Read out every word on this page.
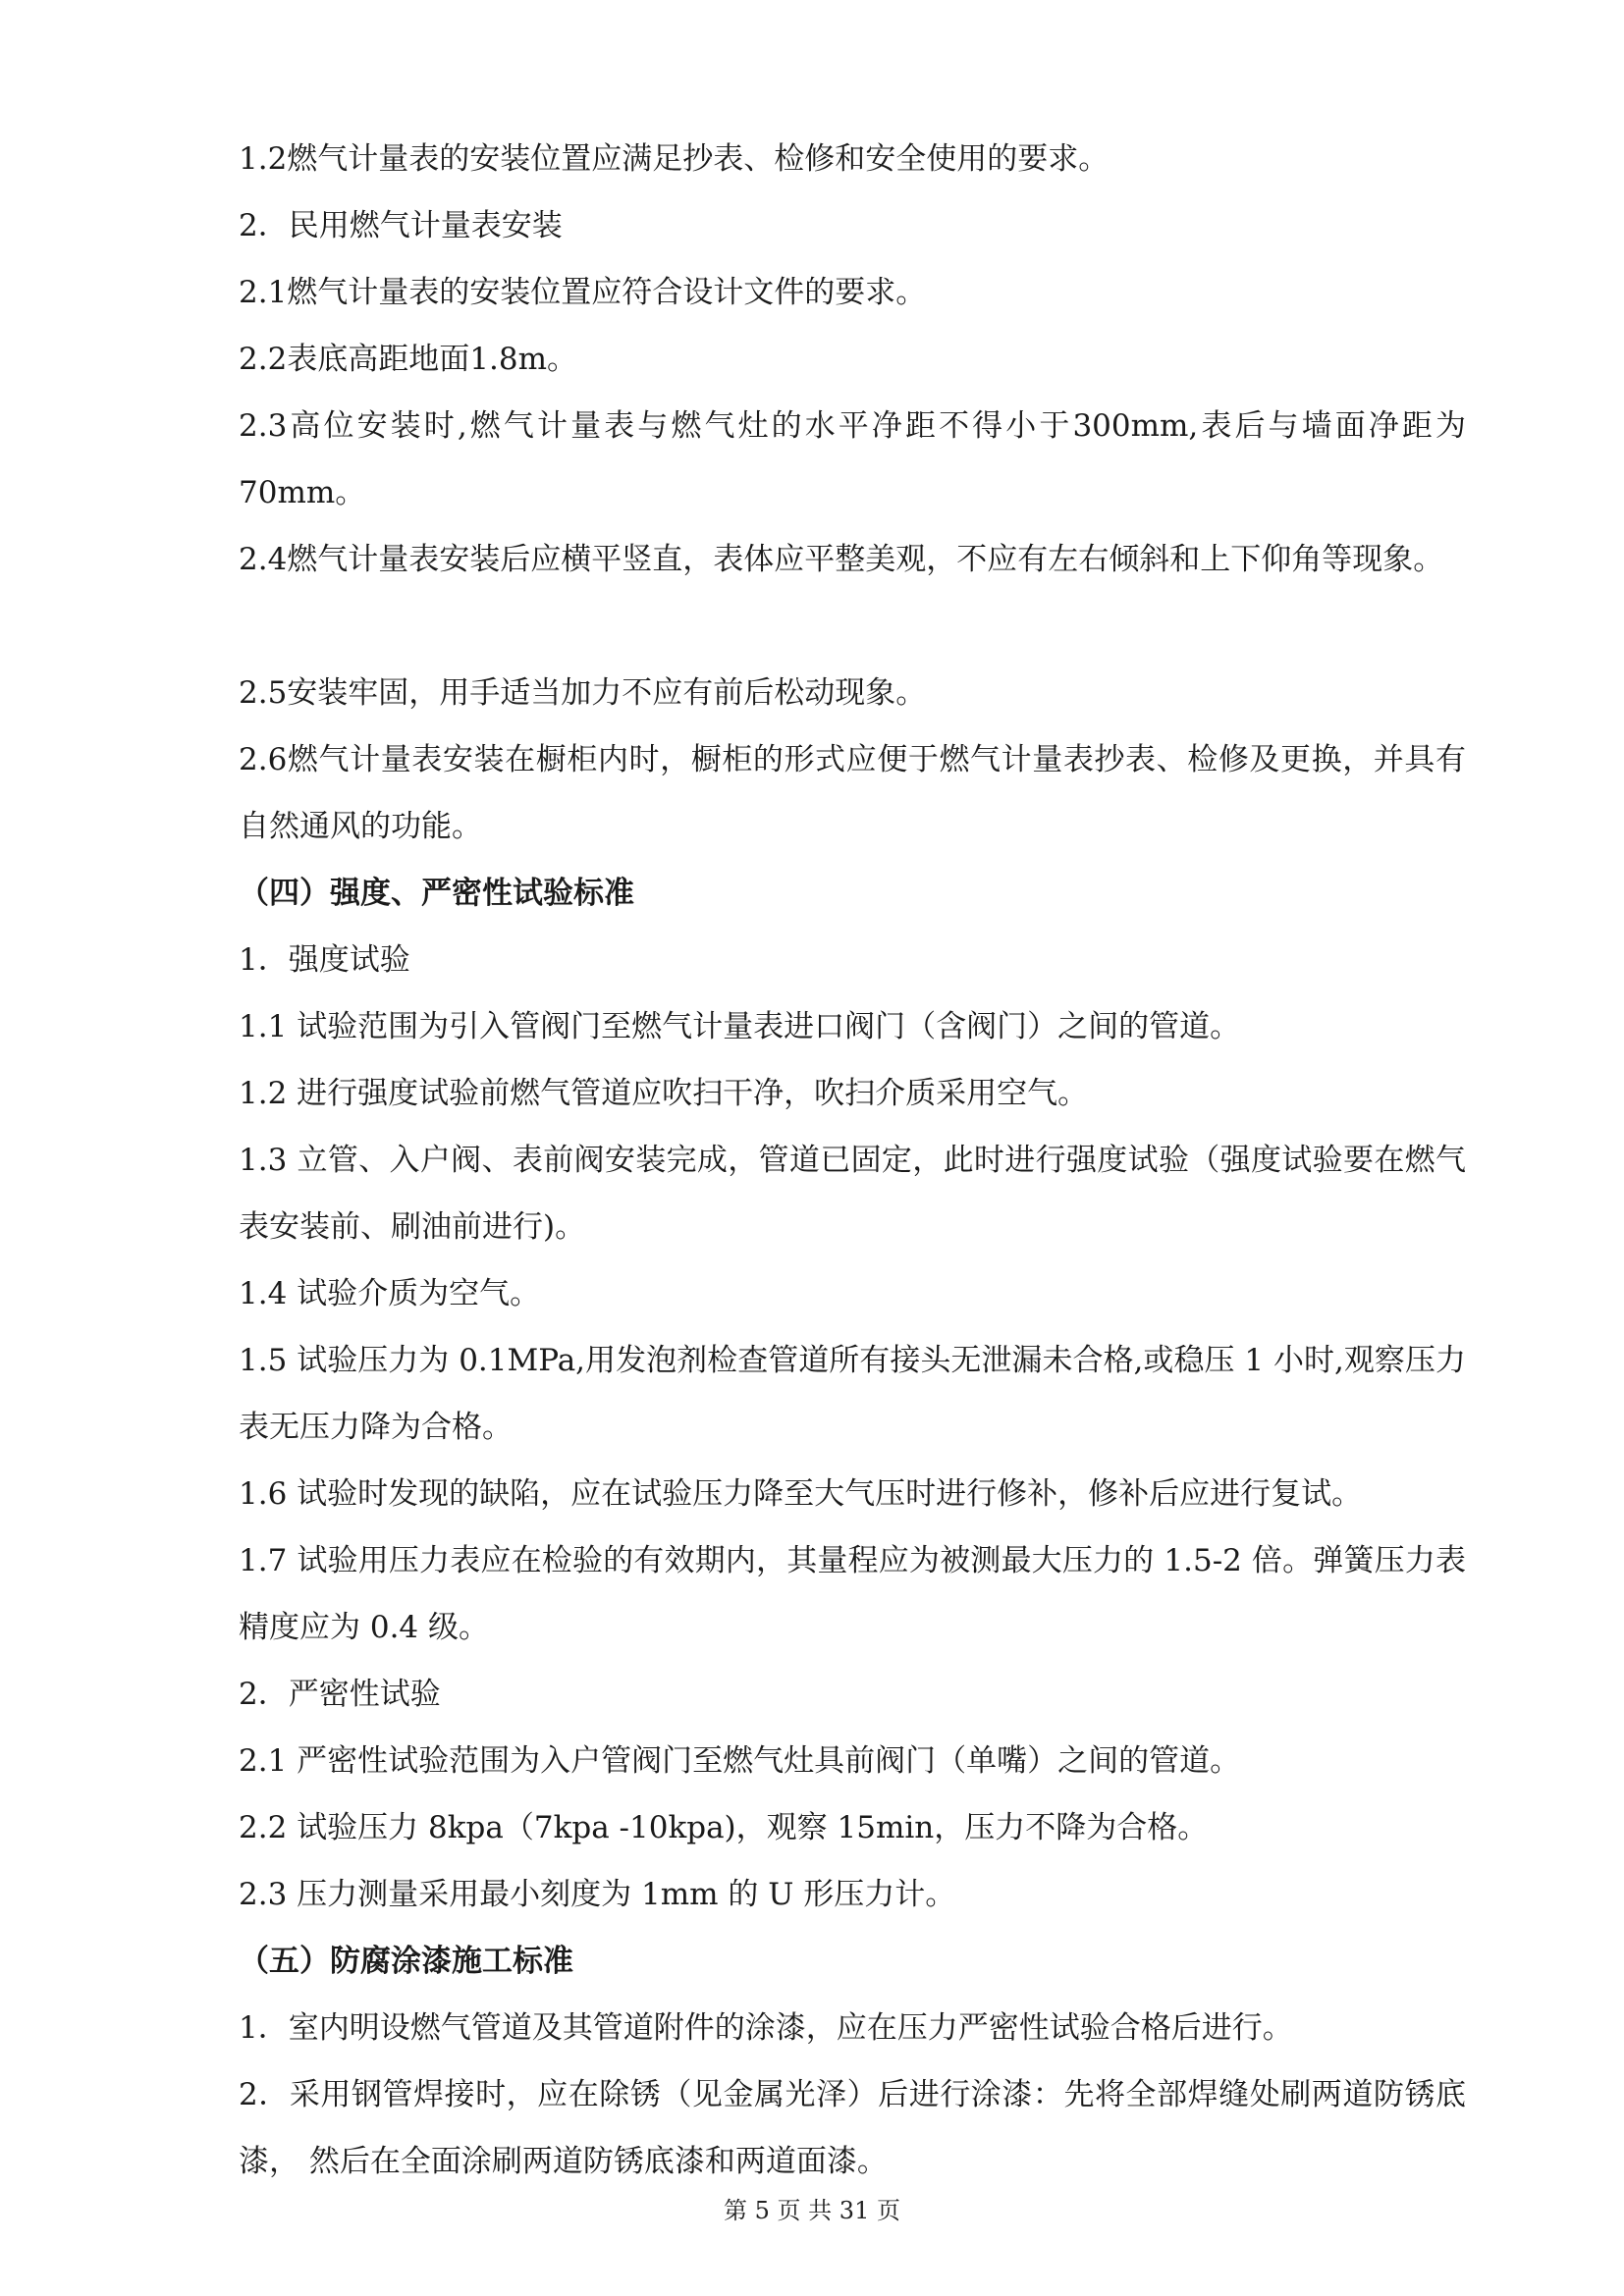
1.2燃气计量表的安装位置应满足抄表、检修和安全使用的要求。

2．民用燃气计量表安装

2.1燃气计量表的安装位置应符合设计文件的要求。

2.2表底高距地面1.8m。

2.3高位安装时,燃气计量表与燃气灶的水平净距不得小于300mm,表后与墙面净距为70mm。

2.4燃气计量表安装后应横平竖直，表体应平整美观，不应有左右倾斜和上下仰角等现象。

2.5安装牢固，用手适当加力不应有前后松动现象。

2.6燃气计量表安装在橱柜内时，橱柜的形式应便于燃气计量表抄表、检修及更换，并具有自然通风的功能。

（四）强度、严密性试验标准

1．强度试验

1.1 试验范围为引入管阀门至燃气计量表进口阀门（含阀门）之间的管道。

1.2 进行强度试验前燃气管道应吹扫干净，吹扫介质采用空气。

1.3 立管、入户阀、表前阀安装完成，管道已固定，此时进行强度试验（强度试验要在燃气表安装前、刷油前进行)。

1.4 试验介质为空气。

1.5 试验压力为 0.1MPa,用发泡剂检查管道所有接头无泄漏未合格,或稳压 1 小时,观察压力表无压力降为合格。

1.6 试验时发现的缺陷，应在试验压力降至大气压时进行修补，修补后应进行复试。

1.7 试验用压力表应在检验的有效期内，其量程应为被测最大压力的 1.5-2 倍。弹簧压力表精度应为 0.4 级。

2．严密性试验

2.1 严密性试验范围为入户管阀门至燃气灶具前阀门（单嘴）之间的管道。

2.2 试验压力 8kpa（7kpa -10kpa)，观察 15min，压力不降为合格。

2.3 压力测量采用最小刻度为 1mm 的 U 形压力计。

（五）防腐涂漆施工标准

1．室内明设燃气管道及其管道附件的涂漆，应在压力严密性试验合格后进行。

2．采用钢管焊接时，应在除锈（见金属光泽）后进行涂漆：先将全部焊缝处刷两道防锈底漆， 然后在全面涂刷两道防锈底漆和两道面漆。

第 5 页 共 31 页
